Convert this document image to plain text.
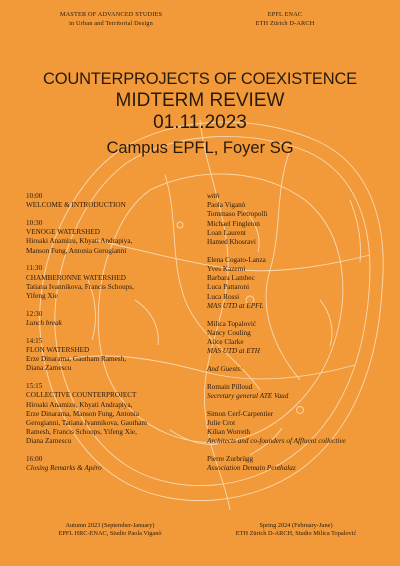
MASTER OF ADVANCED STUDIES
in Urban and Territorial Design
EPFL ENAC
ETH Zürich D-ARCH
COUNTERPROJECTS OF COEXISTENCE
MIDTERM REVIEW
01.11.2023
Campus EPFL, Foyer SG
10:00
WELCOME & INTRODUCTION
10:30
VENOGE WATERSHED
Hiroaki Anamizu, Khyati Andrapiya,
Manson Fung, Antonia Gerogianni
11:30
CHAMBERONNE WATERSHED
Tatiana Ivannikova, Francis Schoups,
Yifeng Xie
12:30
Lunch break
14:15
FLON WATERSHED
Erze Dinarama, Gautham Ramesh,
Diana Zarnescu
15:15
COLLECTIVE COUNTERPROJECT
Hiroaki Anamizu, Khyati Andrapiya,
Erze Dinarama, Manson Fung, Antonia
Gerogianni, Tatiana Ivannikova, Gautham
Ramesh, Francis Schoups, Yifeng Xie,
Diana Zarnescu
16:00
Closing Remarks & Apéro
with
Paola Viganò
Tommaso Pietropolli
Michael Fingleton
Loan Laurent
Hamed Khosravi
Elena Cogato-Lanza
Yves Kazemi
Barbara Lambec
Luca Pattaroni
Luca Rossi
MAS UTD at EPFL
Milica Topalović
Nancy Couling
Alice Clarke
MAS UTD at ETH
And Guests:
Romain Pilloud
Secretary general ATE Vaud
Simon Cerf-Carpentier
Julie Crot
Kilian Worreth
Architects and co-founders of Affluent collective
Pierre Zurbrügg
Association Demain Penthalaz
Autumn 2023 (September-January)
EPFL HRC-ENAC, Studio Paola Viganò
Spring 2024 (February-June)
ETH Zürich D-ARCH, Studio Milica Topalović
